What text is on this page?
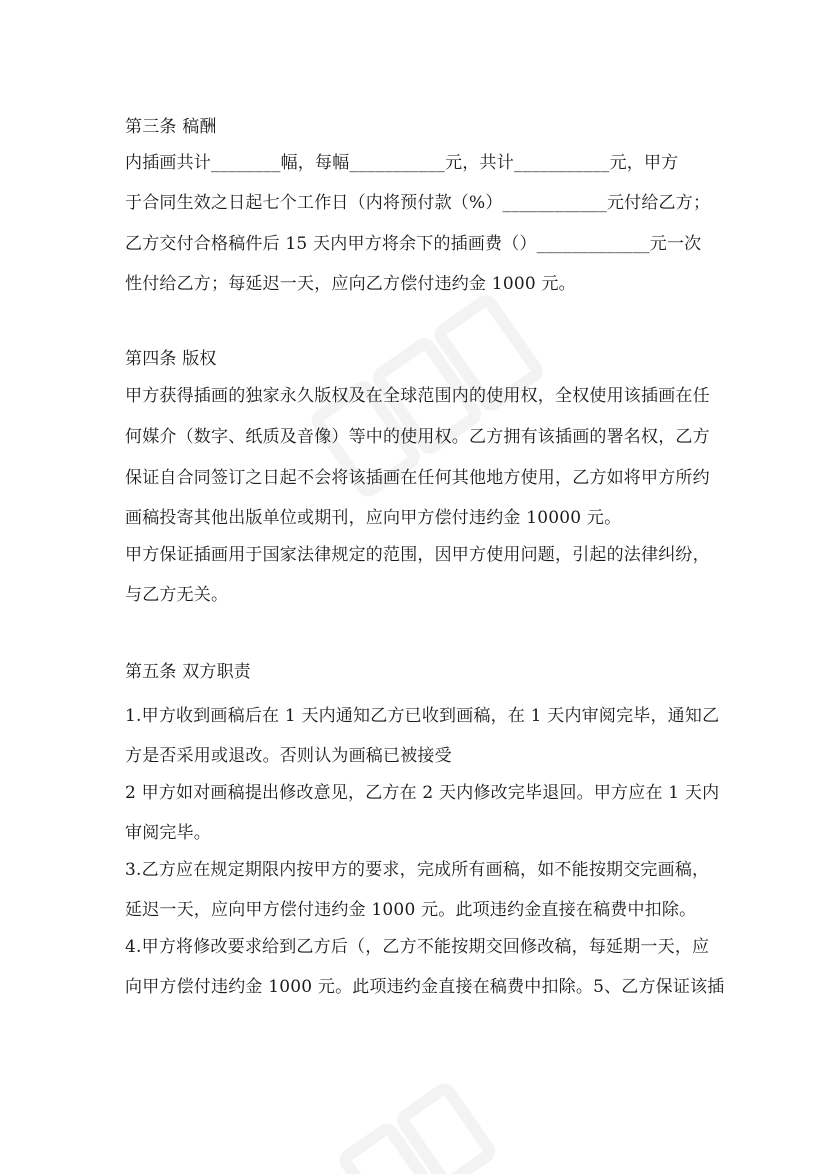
第三条 稿酬
内插画共计________幅，每幅___________元，共计___________元，甲方
于合同生效之日起七个工作日（内将预付款（%）____________元付给乙方；
乙方交付合格稿件后 15 天内甲方将余下的插画费（）_____________元一次
性付给乙方；每延迟一天，应向乙方偿付违约金 1000 元。
第四条 版权
甲方获得插画的独家永久版权及在全球范围内的使用权，全权使用该插画在任
何媒介（数字、纸质及音像）等中的使用权。乙方拥有该插画的署名权，乙方
保证自合同签订之日起不会将该插画在任何其他地方使用，乙方如将甲方所约
画稿投寄其他出版单位或期刊，应向甲方偿付违约金 10000 元。
甲方保证插画用于国家法律规定的范围，因甲方使用问题，引起的法律纠纷，
与乙方无关。
第五条 双方职责
1.甲方收到画稿后在 1 天内通知乙方已收到画稿，在 1 天内审阅完毕，通知乙
方是否采用或退改。否则认为画稿已被接受
2 甲方如对画稿提出修改意见，乙方在 2 天内修改完毕退回。甲方应在 1 天内
审阅完毕。
3.乙方应在规定期限内按甲方的要求，完成所有画稿，如不能按期交完画稿，
延迟一天，应向甲方偿付违约金 1000 元。此项违约金直接在稿费中扣除。
4.甲方将修改要求给到乙方后（，乙方不能按期交回修改稿，每延期一天，应
向甲方偿付违约金 1000 元。此项违约金直接在稿费中扣除。5、乙方保证该插
